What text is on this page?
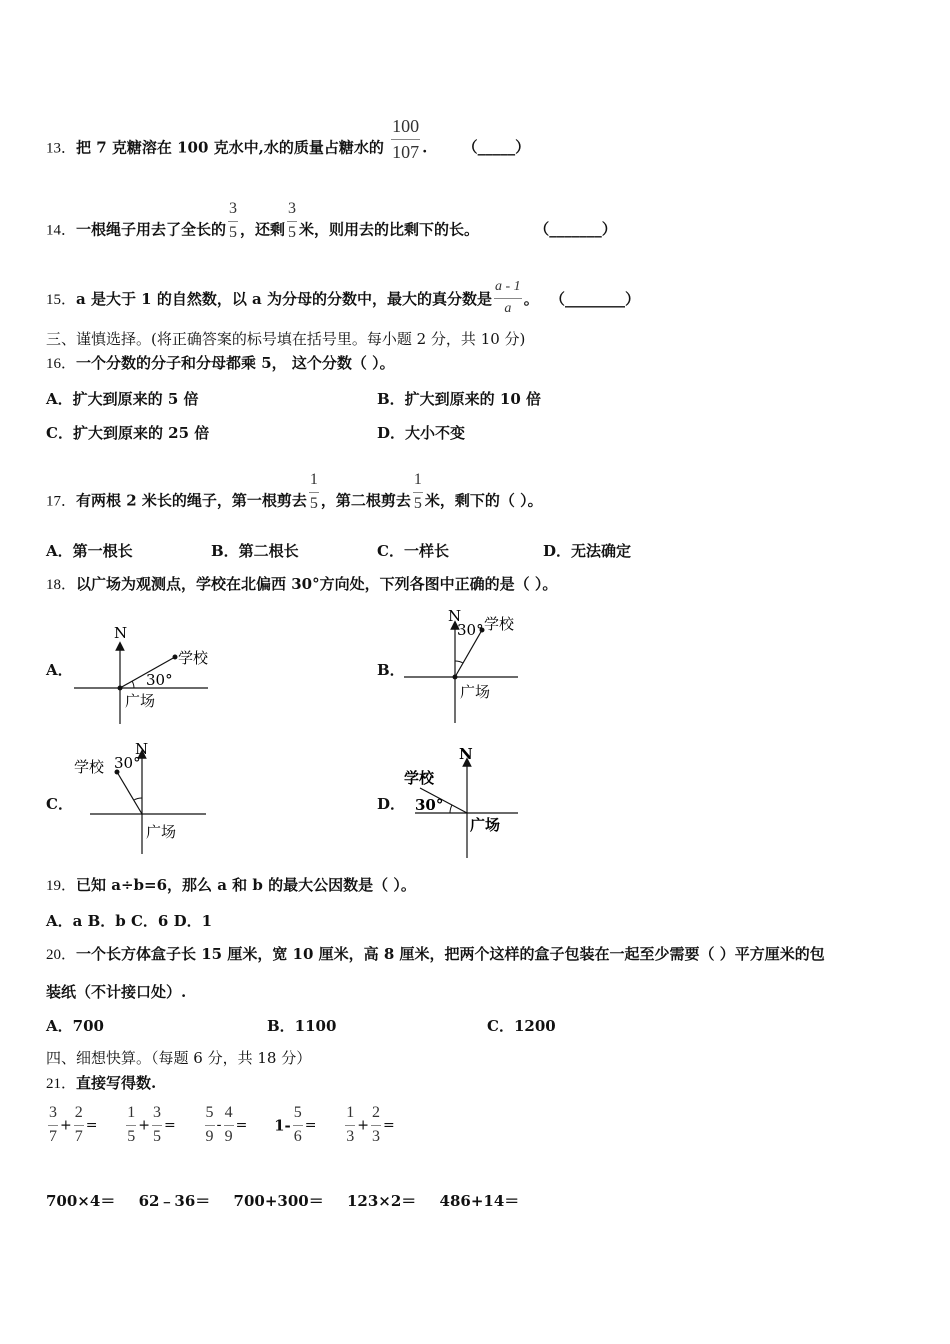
13．把 7 克糖溶在 100 克水中,水的质量占糖水的 $\frac{100}{107}$ . （_____）
14．一根绳子用去了全长的 $\frac{3}{5}$ ，还剩 $\frac{3}{5}$ 米，则用去的比剩下的长。	（_______）
15．a 是大于 1 的自然数，以 a 为分母的分数中，最大的真分数是 $\frac{a - 1}{a}$ 。 （________）
三、谨慎选择。(将正确答案的标号填在括号里。每小题 2 分，共 10 分)
16．一个分数的分子和分母都乘 5， 这个分数（ ）。
A．扩大到原来的 5 倍	B．扩大到原来的 10 倍
C．扩大到原来的 25 倍	D．大小不变
17．有两根 2 米长的绳子，第一根剪去 $\frac{1}{5}$ ，第二根剪去 $\frac{1}{5}$ 米，剩下的（ ）。
A．第一根长	B．第二根长	C．一样长	D．无法确定
18．以广场为观测点，学校在北偏西 30°方向处，下列各图中正确的是（ ）。
A．
N
学校
30°
广场
B．
N 学校
30°
广场
C．
N
学校 30°
广场
D．
N
学校
30°
广场
19．已知 a÷b=6，那么 a 和 b 的最大公因数是（ ）。
A．a B．b C．6 D．1
20．一个长方体盒子长 15 厘米，宽 10 厘米，高 8 厘米，把两个这样的盒子包装在一起至少需要（ ）平方厘米的包
装纸（不计接口处）.
A．700	B．1100	C．1200
四、细想快算。（每题 6 分，共 18 分）
21．直接写得数.
$\frac{3}{7} + \frac{2}{7} = \frac{1}{5} + \frac{3}{5} = \frac{5}{9} - \frac{4}{9} = 1- \frac{5}{6} = \frac{1}{3} + \frac{2}{3}$ =
700×4＝ 62﹣36＝ 700+300＝ 123×2＝ 486+14＝
